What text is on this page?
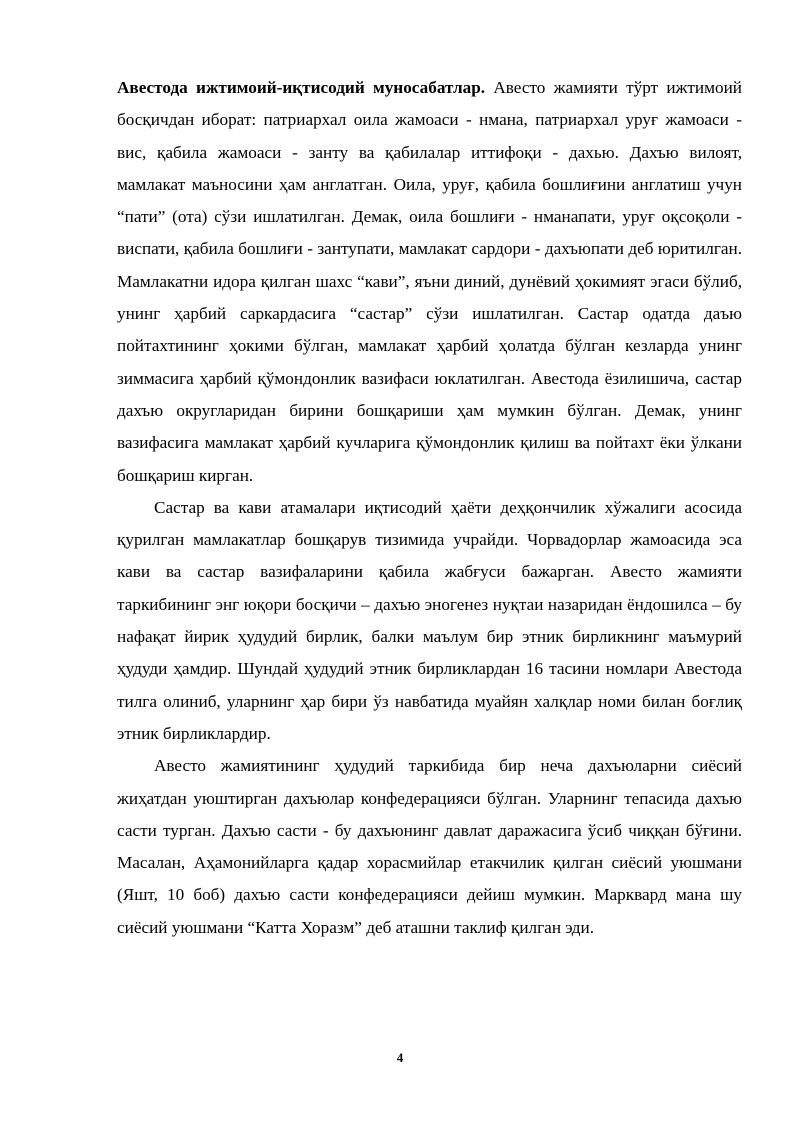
Авестода ижтимоий-иқтисодий муносабатлар. Авесто жамияти тўрт ижтимоий босқичдан иборат: патриархал оила жамоаси - нмана, патриархал уруғ жамоаси - вис, қабила жамоаси - занту ва қабилалар иттифоқи - дахью. Дахъю вилоят, мамлакат маъносини ҳам англатган. Оила, уруғ, қабила бошлиғини англатиш учун “пати” (ота) сўзи ишлатилган. Демак, оила бошлиғи - нманапати, уруғ оқсоқоли - виспати, қабила бошлиғи - зантупати, мамлакат сардори - дахъюпати деб юритилган. Мамлакатни идора қилган шахс “кави”, яъни диний, дунёвий ҳокимият эгаси бўлиб, унинг ҳарбий саркардасига “састар” сўзи ишлатилган. Састар одатда даъю пойтахтининг ҳокими бўлган, мамлакат ҳарбий ҳолатда бўлган кезларда унинг зиммасига ҳарбий қўмондонлик вазифаси юклатилган. Авестода ёзилишича, састар дахъю округларидан бирини бошқариши ҳам мумкин бўлган. Демак, унинг вазифасига мамлакат ҳарбий кучларига қўмондонлик қилиш ва пойтахт ёки ўлкани бошқариш кирган.

Састар ва кави атамалари иқтисодий ҳаёти деҳқончилик хўжалиги асосида қурилган мамлакатлар бошқарув тизимида учрайди. Чорвадорлар жамоасида эса кави ва састар вазифаларини қабила жабғуси бажарган. Авесто жамияти таркибининг энг юқори босқичи – дахъю эногенез нуқтаи назаридан ёндошилса – бу нафақат йирик ҳудудий бирлик, балки маълум бир этник бирликнинг маъмурий ҳудуди ҳамдир. Шундай ҳудудий этник бирликлардан 16 тасини номлари Авестода тилга олиниб, уларнинг ҳар бири ўз навбатида муайян халқлар номи билан боғлиқ этник бирликлардир.

Авесто жамиятининг ҳудудий таркибида бир неча дахъюларни сиёсий жиҳатдан уюштирган дахъюлар конфедерацияси бўлган. Уларнинг тепасида дахъю састи турган. Дахъю састи - бу дахъюнинг давлат даражасига ўсиб чиққан бўғини. Масалан, Аҳамонийларга қадар хорасмийлар етакчилик қилган сиёсий уюшмани (Яшт, 10 боб) дахъю састи конфедерацияси дейиш мумкин. Марквард мана шу сиёсий уюшмани “Катта Хоразм” деб аташни таклиф қилган эди.

4
